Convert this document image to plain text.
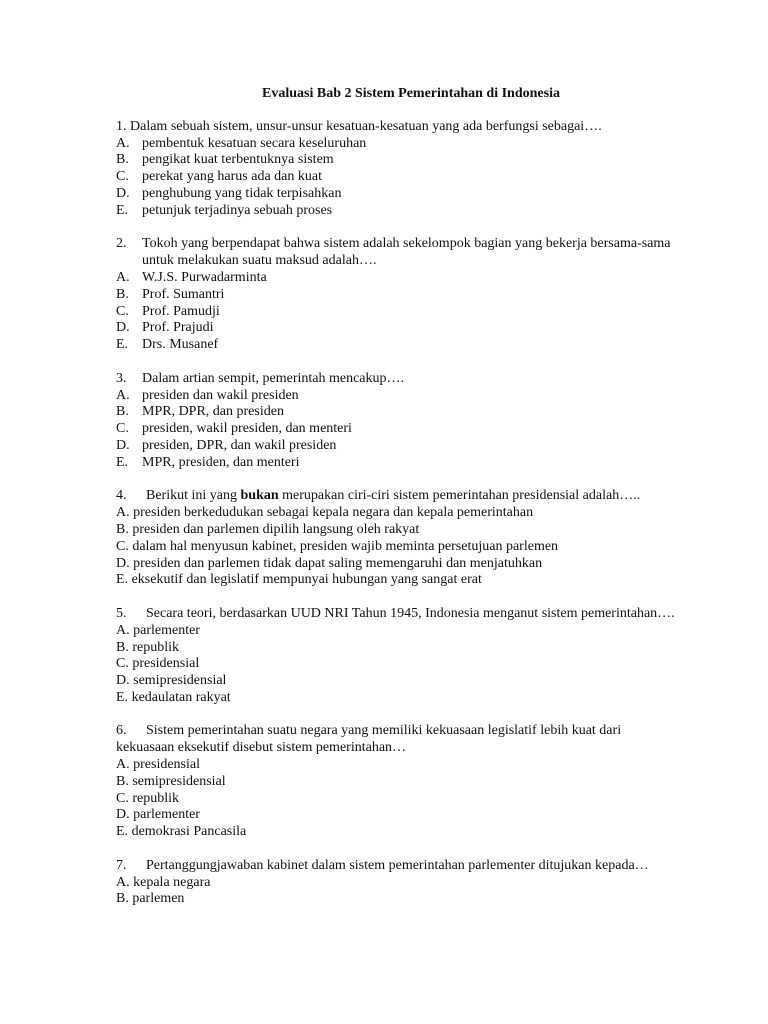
Evaluasi Bab 2 Sistem Pemerintahan di Indonesia
1. Dalam sebuah sistem, unsur-unsur kesatuan-kesatuan yang ada berfungsi sebagai….
A. pembentuk kesatuan secara keseluruhan
B. pengikat kuat terbentuknya sistem
C. perekat yang harus ada dan kuat
D. penghubung yang tidak terpisahkan
E. petunjuk terjadinya sebuah proses
2. Tokoh yang berpendapat bahwa sistem adalah sekelompok bagian yang bekerja bersama-sama untuk melakukan suatu maksud adalah….
A. W.J.S. Purwadarminta
B. Prof. Sumantri
C. Prof. Pamudji
D. Prof. Prajudi
E. Drs. Musanef
3. Dalam artian sempit, pemerintah mencakup….
A. presiden dan wakil presiden
B. MPR, DPR, dan presiden
C. presiden, wakil presiden, dan menteri
D. presiden, DPR, dan wakil presiden
E. MPR, presiden, dan menteri
4. Berikut ini yang bukan merupakan ciri-ciri sistem pemerintahan presidensial adalah…..
A. presiden berkedudukan sebagai kepala negara dan kepala pemerintahan
B. presiden dan parlemen dipilih langsung oleh rakyat
C. dalam hal menyusun kabinet, presiden wajib meminta persetujuan parlemen
D. presiden dan parlemen tidak dapat saling memengaruhi dan menjatuhkan
E. eksekutif dan legislatif mempunyai hubungan yang sangat erat
5. Secara teori, berdasarkan UUD NRI Tahun 1945, Indonesia menganut sistem pemerintahan….
A. parlementer
B. republik
C. presidensial
D. semipresidensial
E. kedaulatan rakyat
6. Sistem pemerintahan suatu negara yang memiliki kekuasaan legislatif lebih kuat dari kekuasaan eksekutif disebut sistem pemerintahan…
A. presidensial
B. semipresidensial
C. republik
D. parlementer
E. demokrasi Pancasila
7. Pertanggungjawaban kabinet dalam sistem pemerintahan parlementer ditujukan kepada…
A. kepala negara
B. parlemen
